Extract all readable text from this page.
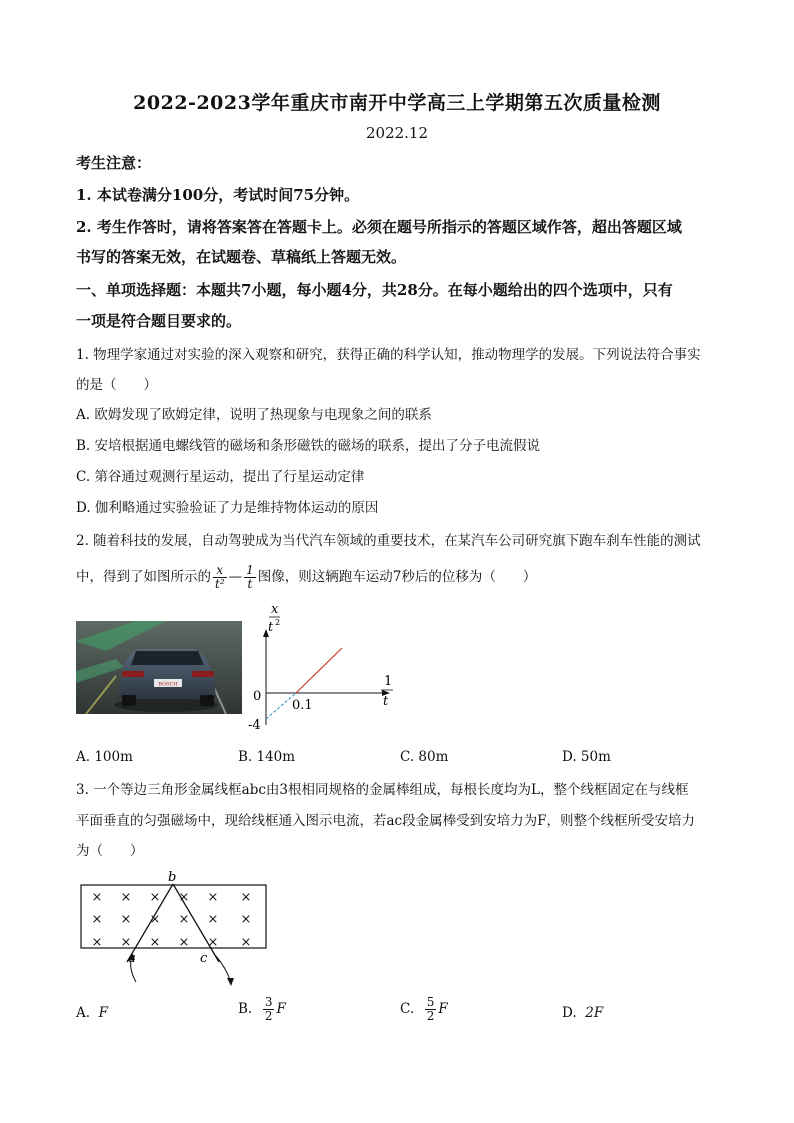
2022-2023学年重庆市南开中学高三上学期第五次质量检测
2022.12
考生注意：
1. 本试卷满分100分，考试时间75分钟。
2. 考生作答时，请将答案答在答题卡上。必须在题号所指示的答题区域作答，超出答题区域
书写的答案无效，在试题卷、草稿纸上答题无效。
一、单项选择题：本题共7小题，每小题4分，共28分。在每小题给出的四个选项中，只有
一项是符合题目要求的。
1. 物理学家通过对实验的深入观察和研究，获得正确的科学认知，推动物理学的发展。下列说法符合事实
的是（　　）
A. 欧姆发现了欧姆定律，说明了热现象与电现象之间的联系
B. 安培根据通电螺线管的磁场和条形磁铁的磁场的联系，提出了分子电流假说
C. 第谷通过观测行星运动，提出了行星运动定律
D. 伽利略通过实验验证了力是维持物体运动的原因
2. 随着科技的发展，自动驾驶成为当代汽车领域的重要技术，在某汽车公司研究旗下跑车刹车性能的测试
中，得到了如图所示的 $\frac{x}{\text{t²}}$ — $\frac{1}{t}$ 图像，则这辆跑车运动7秒后的位移为（　　）
BOSCH
x
t 2
1
t
0
0.1
-4
A. 100m	B. 140m	C. 80m	D. 50m
3. 一个等边三角形金属线框abc由3根相同规格的金属棒组成，每根长度均为L，整个线框固定在与线框
平面垂直的匀强磁场中，现给线框通入图示电流，若ac段金属棒受到安培力为F，则整个线框所受安培力
为（　　）
× × × × × ×
× × × × × ×
× × × × × ×
b
a	c
A. F	B. $\frac{3}{2}$ F	C. $\frac{5}{2}$ F	D. 2F
